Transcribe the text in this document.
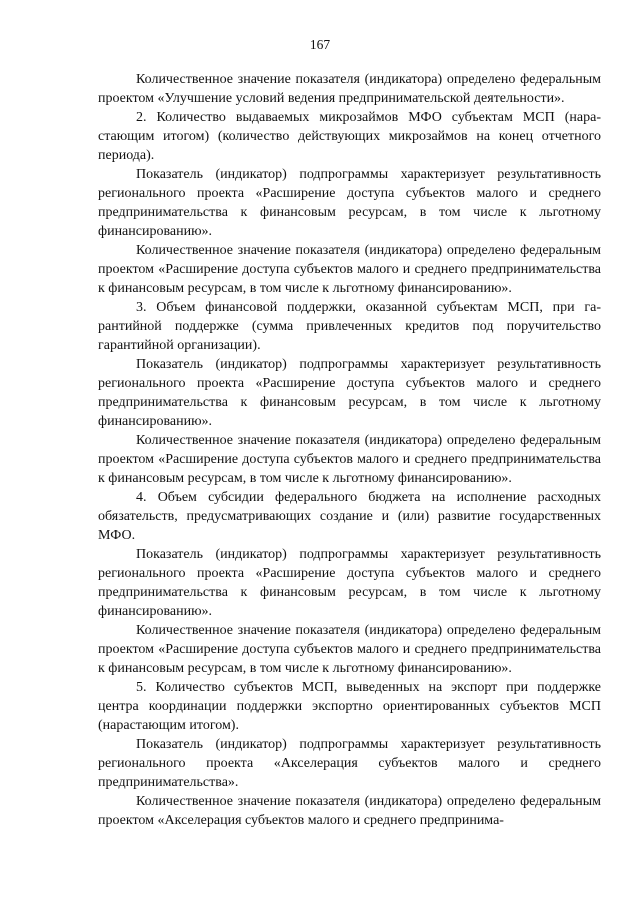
167

Количественное значение показателя (индикатора) определено федеральным проектом «Улучшение условий ведения предпринимательской деятельности».

2. Количество выдаваемых микрозаймов МФО субъектам МСП (нарастающим итогом) (количество действующих микрозаймов на конец отчетного периода).

Показатель (индикатор) подпрограммы характеризует результативность регионального проекта «Расширение доступа субъектов малого и среднего предпринимательства к финансовым ресурсам, в том числе к льготному финансированию».

Количественное значение показателя (индикатора) определено федеральным проектом «Расширение доступа субъектов малого и среднего предпринимательства к финансовым ресурсам, в том числе к льготному финансированию».

3. Объем финансовой поддержки, оказанной субъектам МСП, при гарантийной поддержке (сумма привлеченных кредитов под поручительство гарантийной организации).

Показатель (индикатор) подпрограммы характеризует результативность регионального проекта «Расширение доступа субъектов малого и среднего предпринимательства к финансовым ресурсам, в том числе к льготному финансированию».

Количественное значение показателя (индикатора) определено федеральным проектом «Расширение доступа субъектов малого и среднего предпринимательства к финансовым ресурсам, в том числе к льготному финансированию».

4. Объем субсидии федерального бюджета на исполнение расходных обязательств, предусматривающих создание и (или) развитие государственных МФО.

Показатель (индикатор) подпрограммы характеризует результативность регионального проекта «Расширение доступа субъектов малого и среднего предпринимательства к финансовым ресурсам, в том числе к льготному финансированию».

Количественное значение показателя (индикатора) определено федеральным проектом «Расширение доступа субъектов малого и среднего предпринимательства к финансовым ресурсам, в том числе к льготному финансированию».

5. Количество субъектов МСП, выведенных на экспорт при поддержке центра координации поддержки экспортно ориентированных субъектов МСП (нарастающим итогом).

Показатель (индикатор) подпрограммы характеризует результативность регионального проекта «Акселерация субъектов малого и среднего предпринимательства».

Количественное значение показателя (индикатора) определено федеральным проектом «Акселерация субъектов малого и среднего предпринима-
